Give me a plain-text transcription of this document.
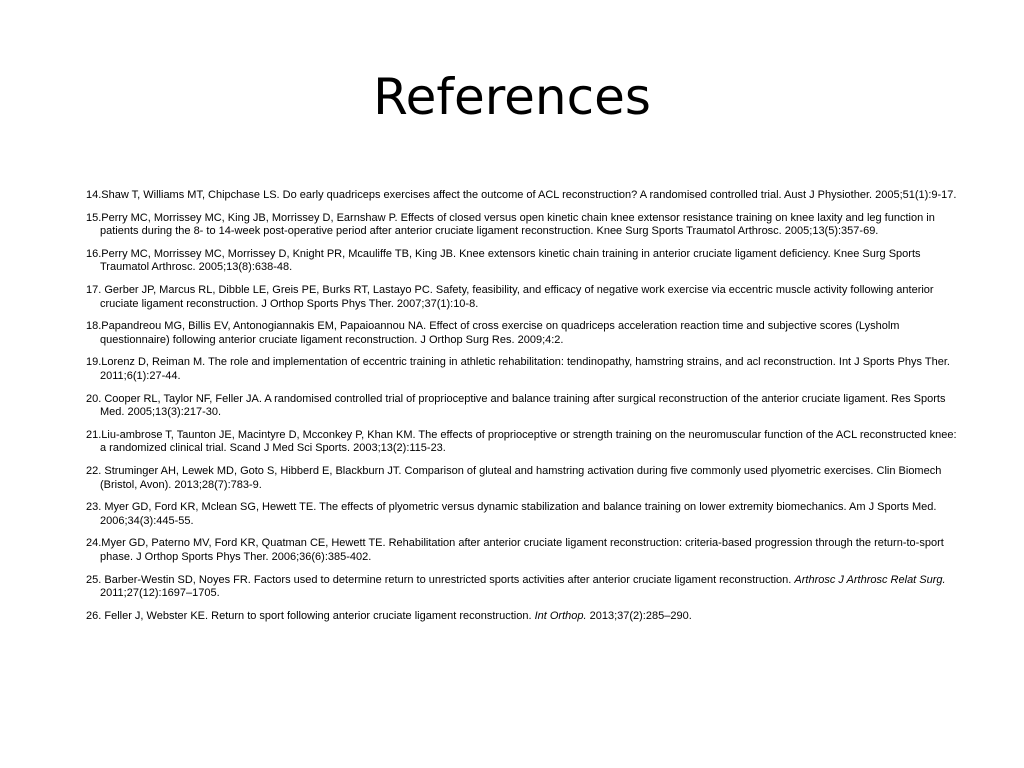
References
14.Shaw T, Williams MT, Chipchase LS. Do early quadriceps exercises affect the outcome of ACL reconstruction? A randomised controlled trial. Aust J Physiother. 2005;51(1):9-17.
15.Perry MC, Morrissey MC, King JB, Morrissey D, Earnshaw P. Effects of closed versus open kinetic chain knee extensor resistance training on knee laxity and leg function in patients during the 8- to 14-week post-operative period after anterior cruciate ligament reconstruction. Knee Surg Sports Traumatol Arthrosc. 2005;13(5):357-69.
16.Perry MC, Morrissey MC, Morrissey D, Knight PR, Mcauliffe TB, King JB. Knee extensors kinetic chain training in anterior cruciate ligament deficiency. Knee Surg Sports Traumatol Arthrosc. 2005;13(8):638-48.
17. Gerber JP, Marcus RL, Dibble LE, Greis PE, Burks RT, Lastayo PC. Safety, feasibility, and efficacy of negative work exercise via eccentric muscle activity following anterior cruciate ligament reconstruction. J Orthop Sports Phys Ther. 2007;37(1):10-8.
18.Papandreou MG, Billis EV, Antonogiannakis EM, Papaioannou NA. Effect of cross exercise on quadriceps acceleration reaction time and subjective scores (Lysholm questionnaire) following anterior cruciate ligament reconstruction. J Orthop Surg Res. 2009;4:2.
19.Lorenz D, Reiman M. The role and implementation of eccentric training in athletic rehabilitation: tendinopathy, hamstring strains, and acl reconstruction. Int J Sports Phys Ther. 2011;6(1):27-44.
20. Cooper RL, Taylor NF, Feller JA. A randomised controlled trial of proprioceptive and balance training after surgical reconstruction of the anterior cruciate ligament. Res Sports Med. 2005;13(3):217-30.
21.Liu-ambrose T, Taunton JE, Macintyre D, Mcconkey P, Khan KM. The effects of proprioceptive or strength training on the neuromuscular function of the ACL reconstructed knee: a randomized clinical trial. Scand J Med Sci Sports. 2003;13(2):115-23.
22. Struminger AH, Lewek MD, Goto S, Hibberd E, Blackburn JT. Comparison of gluteal and hamstring activation during five commonly used plyometric exercises. Clin Biomech (Bristol, Avon). 2013;28(7):783-9.
23. Myer GD, Ford KR, Mclean SG, Hewett TE. The effects of plyometric versus dynamic stabilization and balance training on lower extremity biomechanics. Am J Sports Med. 2006;34(3):445-55.
24.Myer GD, Paterno MV, Ford KR, Quatman CE, Hewett TE. Rehabilitation after anterior cruciate ligament reconstruction: criteria-based progression through the return-to-sport phase. J Orthop Sports Phys Ther. 2006;36(6):385-402.
25. Barber-Westin SD, Noyes FR. Factors used to determine return to unrestricted sports activities after anterior cruciate ligament reconstruction. Arthrosc J Arthrosc Relat Surg. 2011;27(12):1697–1705.
26. Feller J, Webster KE. Return to sport following anterior cruciate ligament reconstruction. Int Orthop. 2013;37(2):285–290.
